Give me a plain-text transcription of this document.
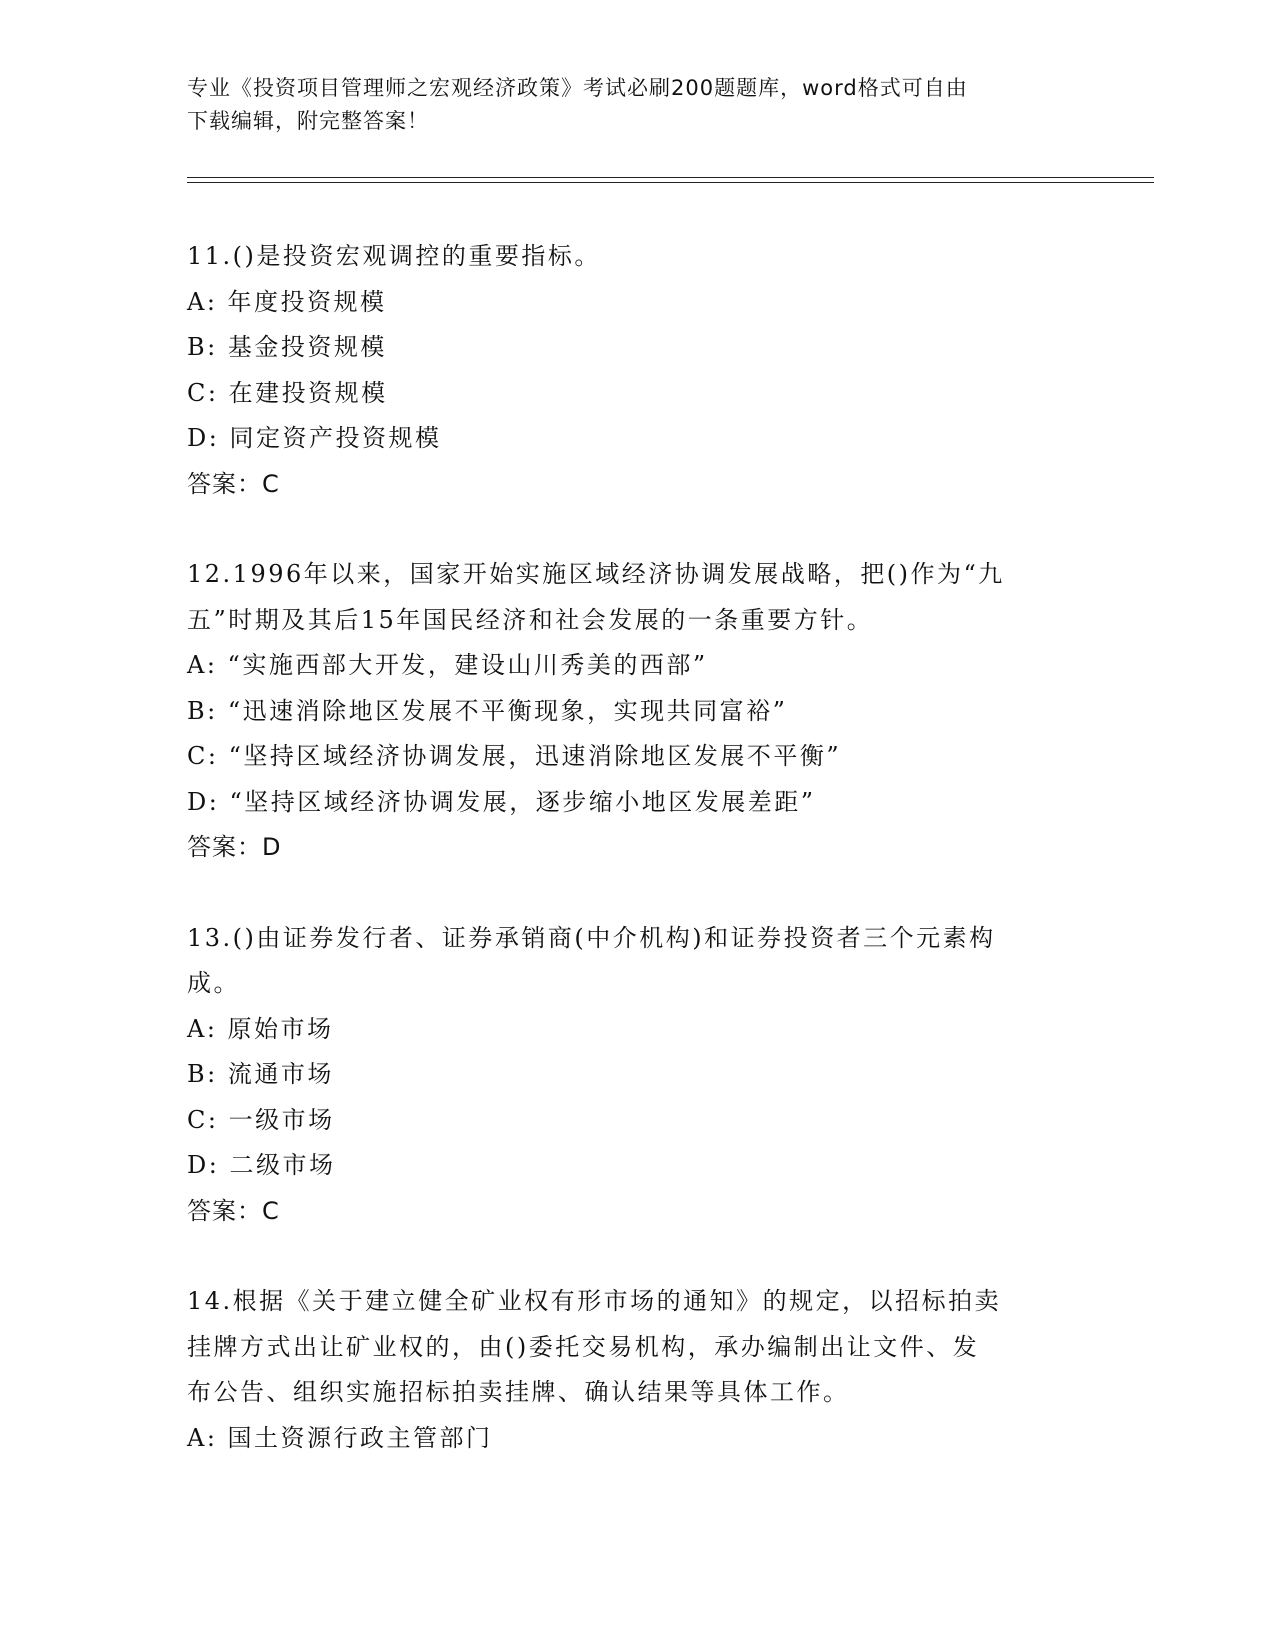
专业《投资项目管理师之宏观经济政策》考试必刷200题题库，word格式可自由
下载编辑，附完整答案！
11.()是投资宏观调控的重要指标。
A: 年度投资规模
B: 基金投资规模
C: 在建投资规模
D: 同定资产投资规模
答案：C
12.1996年以来，国家开始实施区域经济协调发展战略，把()作为“九
五”时期及其后15年国民经济和社会发展的一条重要方针。
A: “实施西部大开发，建设山川秀美的西部”
B: “迅速消除地区发展不平衡现象，实现共同富裕”
C: “坚持区域经济协调发展，迅速消除地区发展不平衡”
D: “坚持区域经济协调发展，逐步缩小地区发展差距”
答案：D
13.()由证券发行者、证券承销商(中介机构)和证券投资者三个元素构
成。
A: 原始市场
B: 流通市场
C: 一级市场
D: 二级市场
答案：C
14.根据《关于建立健全矿业权有形市场的通知》的规定，以招标拍卖
挂牌方式出让矿业权的，由()委托交易机构，承办编制出让文件、发
布公告、组织实施招标拍卖挂牌、确认结果等具体工作。
A: 国土资源行政主管部门
